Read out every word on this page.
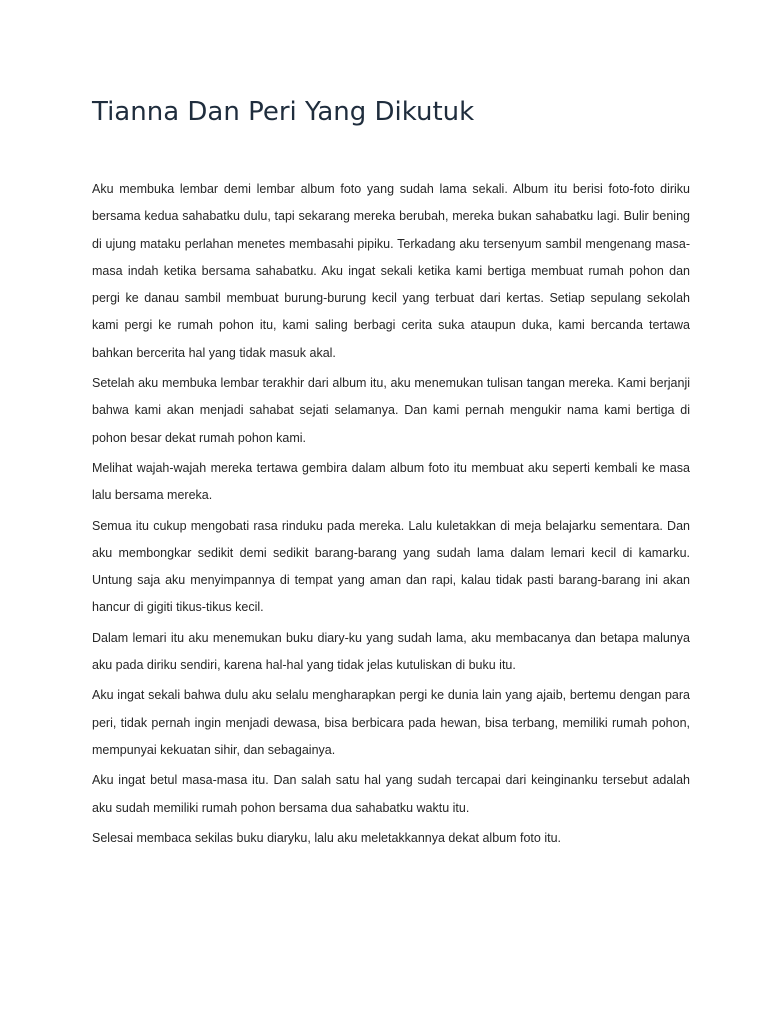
Tianna Dan Peri Yang Dikutuk

Aku membuka lembar demi lembar album foto yang sudah lama sekali. Album itu berisi foto-foto diriku bersama kedua sahabatku dulu, tapi sekarang mereka berubah, mereka bukan sahabatku lagi. Bulir bening di ujung mataku perlahan menetes membasahi pipiku. Terkadang aku tersenyum sambil mengenang masa-masa indah ketika bersama sahabatku. Aku ingat sekali ketika kami bertiga membuat rumah pohon dan pergi ke danau sambil membuat burung-burung kecil yang terbuat dari kertas. Setiap sepulang sekolah kami pergi ke rumah pohon itu, kami saling berbagi cerita suka ataupun duka, kami bercanda tertawa bahkan bercerita hal yang tidak masuk akal.

Setelah aku membuka lembar terakhir dari album itu, aku menemukan tulisan tangan mereka. Kami berjanji bahwa kami akan menjadi sahabat sejati selamanya. Dan kami pernah mengukir nama kami bertiga di pohon besar dekat rumah pohon kami.

Melihat wajah-wajah mereka tertawa gembira dalam album foto itu membuat aku seperti kembali ke masa lalu bersama mereka.

Semua itu cukup mengobati rasa rinduku pada mereka. Lalu kuletakkan di meja belajarku sementara. Dan aku membongkar sedikit demi sedikit barang-barang yang sudah lama dalam lemari kecil di kamarku. Untung saja aku menyimpannya di tempat yang aman dan rapi, kalau tidak pasti barang-barang ini akan hancur di gigiti tikus-tikus kecil.

Dalam lemari itu aku menemukan buku diary-ku yang sudah lama, aku membacanya dan betapa malunya aku pada diriku sendiri, karena hal-hal yang tidak jelas kutuliskan di buku itu.

Aku ingat sekali bahwa dulu aku selalu mengharapkan pergi ke dunia lain yang ajaib, bertemu dengan para peri, tidak pernah ingin menjadi dewasa, bisa berbicara pada hewan, bisa terbang, memiliki rumah pohon, mempunyai kekuatan sihir, dan sebagainya.

Aku ingat betul masa-masa itu. Dan salah satu hal yang sudah tercapai dari keinginanku tersebut adalah aku sudah memiliki rumah pohon bersama dua sahabatku waktu itu.

Selesai membaca sekilas buku diaryku, lalu aku meletakkannya dekat album foto itu.
